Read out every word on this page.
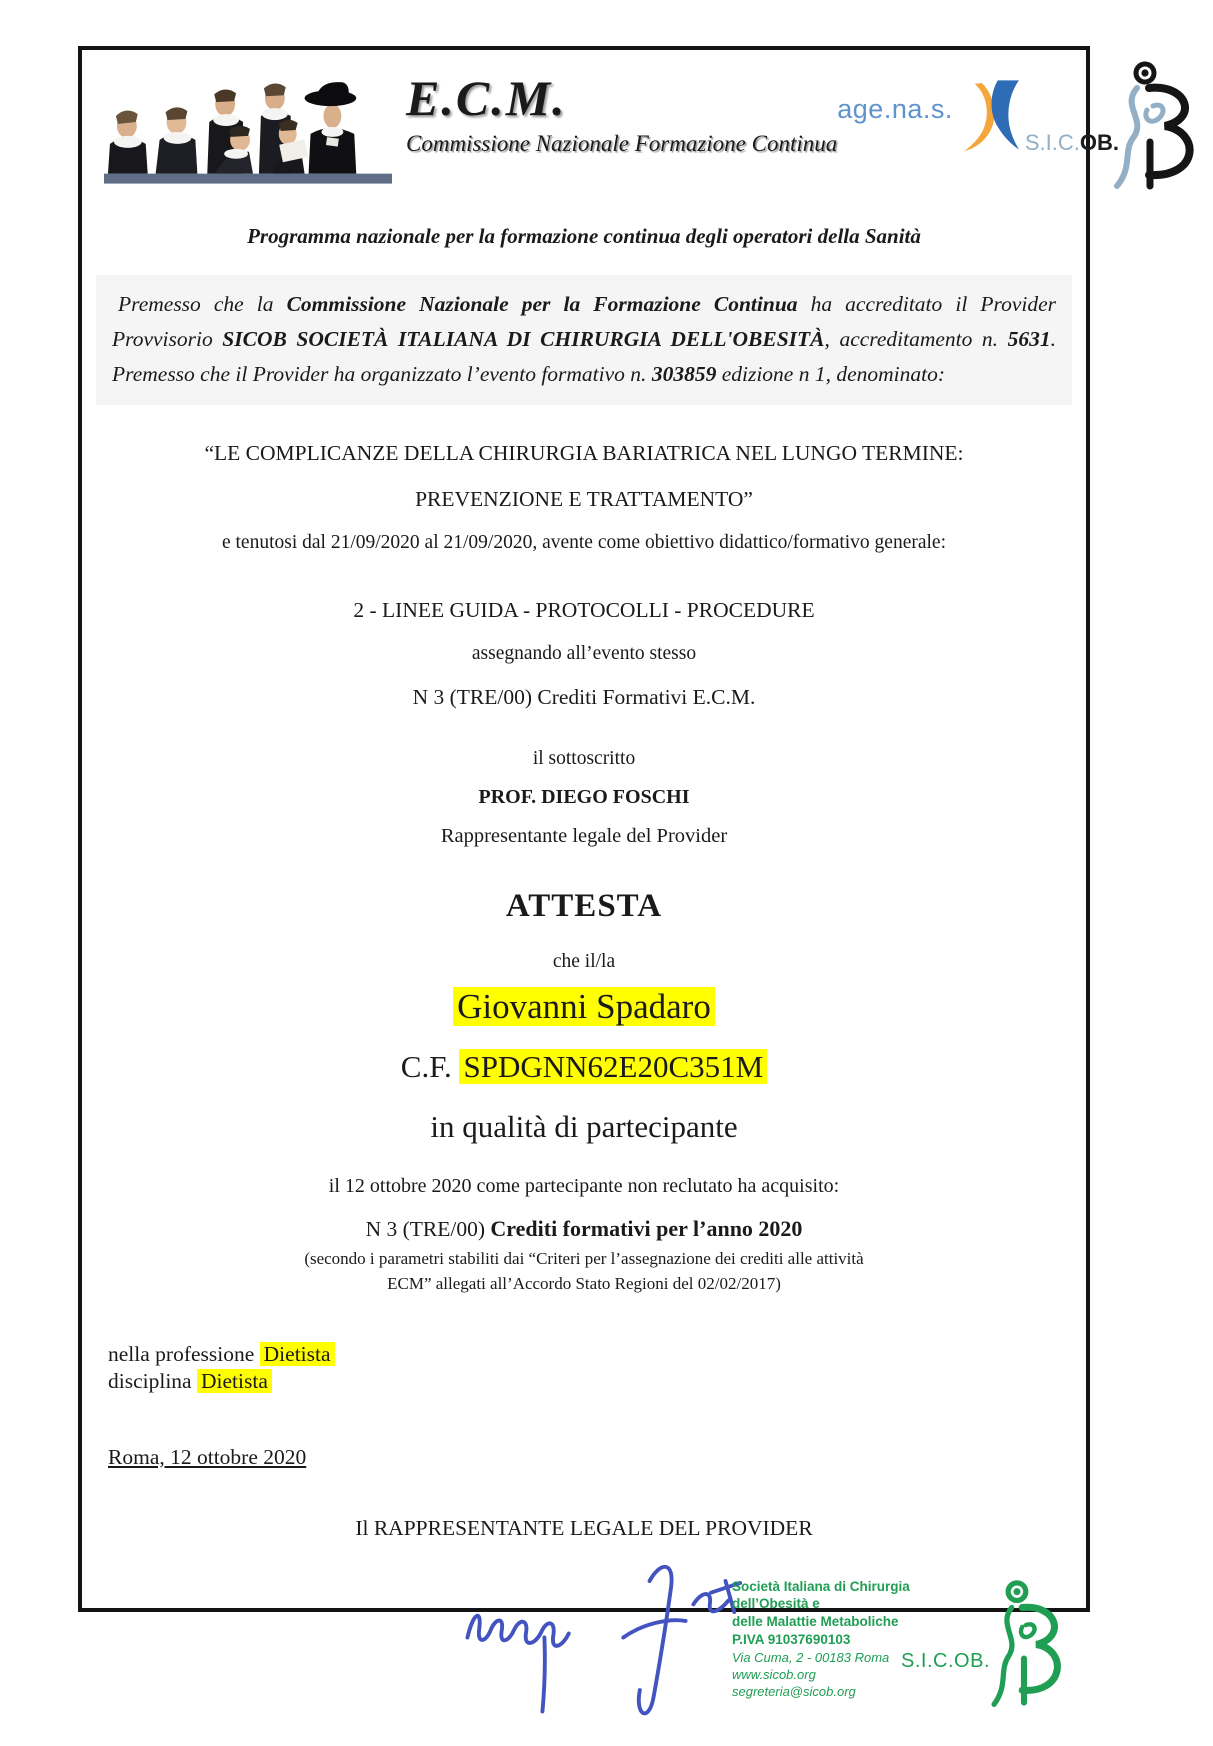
E.C.M.
Commissione Nazionale Formazione Continua
age.na.s.
S.I.C.OB.
Programma nazionale per la formazione continua degli operatori della Sanità
Premesso che la Commissione Nazionale per la Formazione Continua ha accreditato il Provider Provvisorio SICOB SOCIETÀ ITALIANA DI CHIRURGIA DELL'OBESITÀ, accreditamento n. 5631. Premesso che il Provider ha organizzato l’evento formativo n. 303859 edizione n 1, denominato:
“LE COMPLICANZE DELLA CHIRURGIA BARIATRICA NEL LUNGO TERMINE: PREVENZIONE E TRATTAMENTO”
e tenutosi dal 21/09/2020 al 21/09/2020, avente come obiettivo didattico/formativo generale:
2 - LINEE GUIDA - PROTOCOLLI - PROCEDURE
assegnando all’evento stesso
N 3 (TRE/00) Crediti Formativi E.C.M.
il sottoscritto
PROF. DIEGO FOSCHI
Rappresentante legale del Provider
ATTESTA
che il/la
Giovanni Spadaro
C.F. SPDGNN62E20C351M
in qualità di partecipante
il 12 ottobre 2020 come partecipante non reclutato ha acquisito:
N 3 (TRE/00) Crediti formativi per l’anno 2020
(secondo i parametri stabiliti dai “Criteri per l’assegnazione dei crediti alle attività ECM” allegati all’Accordo Stato Regioni del 02/02/2017)
nella professione Dietista
disciplina Dietista
Roma, 12 ottobre 2020
Il RAPPRESENTANTE LEGALE DEL PROVIDER
Società Italiana di Chirurgia dell’Obesità e
delle Malattie Metaboliche
P.IVA 91037690103
Via Cuma, 2 - 00183 Roma
www.sicob.org
segreteria@sicob.org
S.I.C.OB.
